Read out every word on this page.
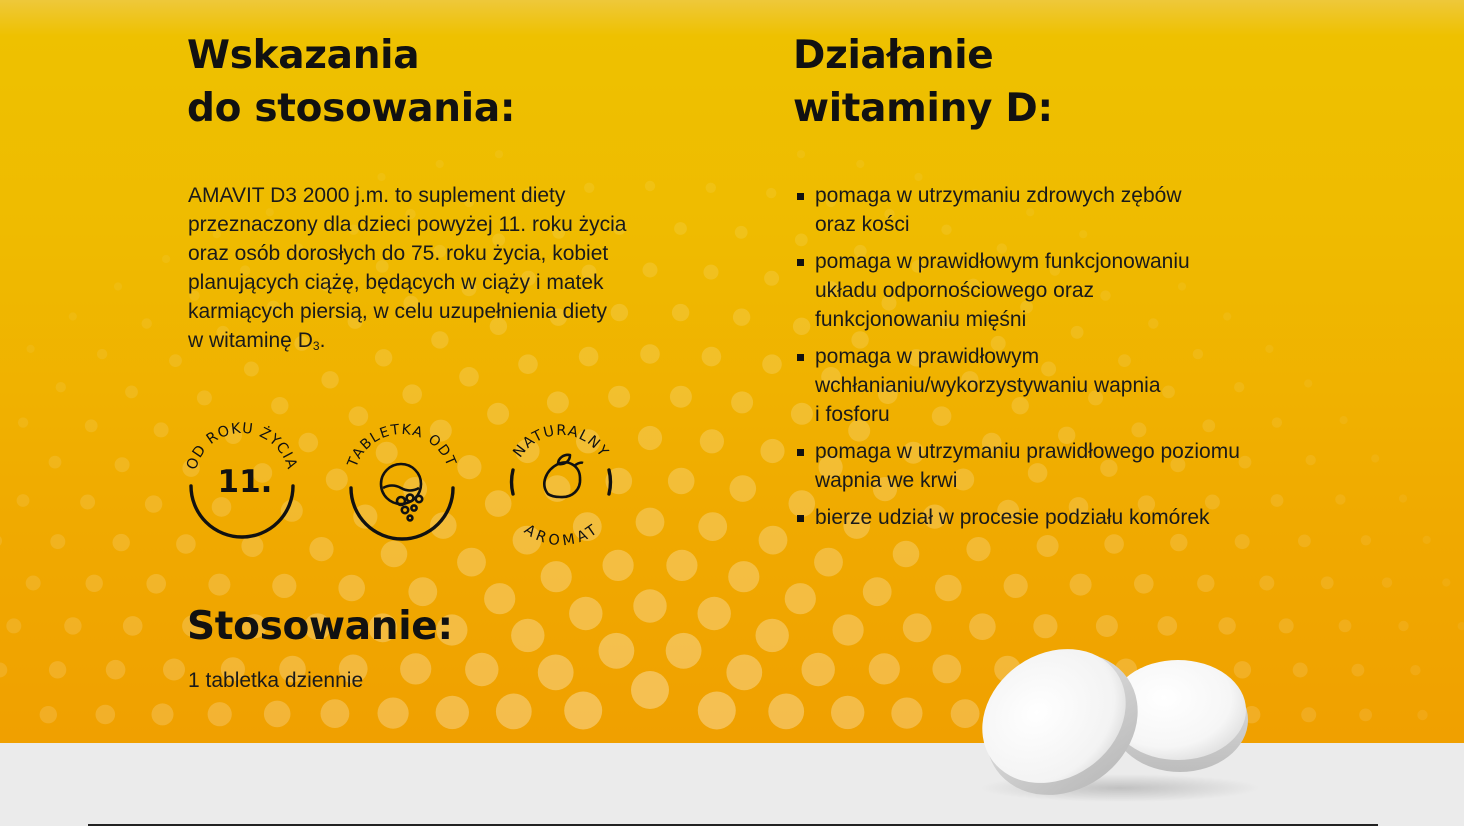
Wskazania
do stosowania:

AMAVIT D3 2000 j.m. to suplement diety
przeznaczony dla dzieci powyżej 11. roku życia
oraz osób dorosłych do 75. roku życia, kobiet
planujących ciążę, będących w ciąży i matek
karmiących piersią, w celu uzupełnienia diety
w witaminę $D_3$.

OD ROKU ŻYCIA
11.
TABLETKA ODT
NATURALNY
AROMAT
Stosowanie:

1 tabletka dziennie

Działanie
witaminy D:
pomaga w utrzymaniu zdrowych zębów
oraz kości
pomaga w prawidłowym funkcjonowaniu
układu odpornościowego oraz
funkcjonowaniu mięśni
pomaga w prawidłowym
wchłanianiu/wykorzystywaniu wapnia
i fosforu
pomaga w utrzymaniu prawidłowego poziomu
wapnia we krwi
bierze udział w procesie podziału komórek
